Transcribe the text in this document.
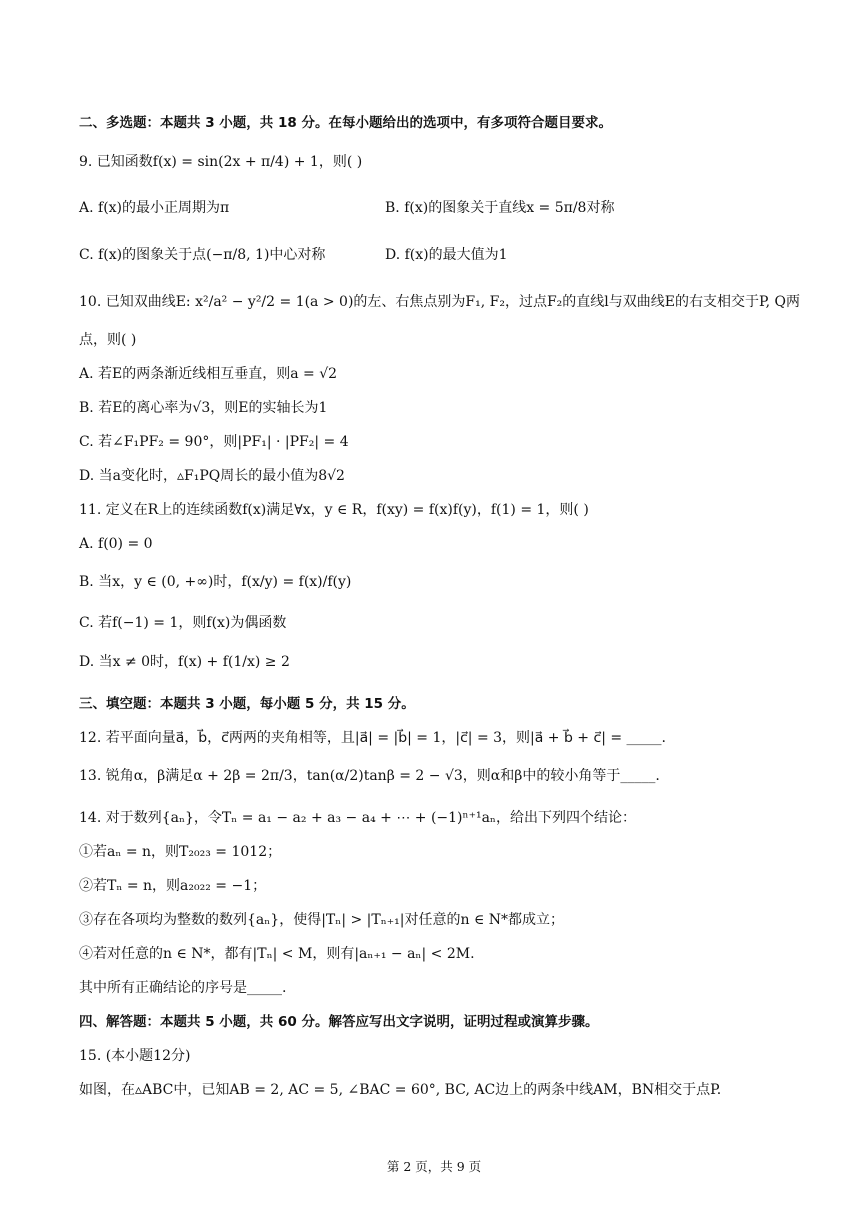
二、多选题：本题共 3 小题，共 18 分。在每小题给出的选项中，有多项符合题目要求。
9. 已知函数f(x) = sin(2x + π/4) + 1，则( )
A. f(x)的最小正周期为π	B. f(x)的图象关于直线x = 5π/8对称
C. f(x)的图象关于点(−π/8, 1)中心对称	D. f(x)的最大值为1
10. 已知双曲线E: x²/a² − y²/2 = 1(a > 0)的左、右焦点别为F₁, F₂，过点F₂的直线l与双曲线E的右支相交于P, Q两
点，则( )
A. 若E的两条渐近线相互垂直，则a = √2
B. 若E的离心率为√3，则E的实轴长为1
C. 若∠F₁PF₂ = 90°，则|PF₁| · |PF₂| = 4
D. 当a变化时，▵F₁PQ周长的最小值为8√2
11. 定义在R上的连续函数f(x)满足∀x，y ∈ R，f(xy) = f(x)f(y)，f(1) = 1，则( )
A. f(0) = 0
B. 当x，y ∈ (0, +∞)时，f(x/y) = f(x)/f(y)
C. 若f(−1) = 1，则f(x)为偶函数
D. 当x ≠ 0时，f(x) + f(1/x) ≥ 2
三、填空题：本题共 3 小题，每小题 5 分，共 15 分。
12. 若平面向量a⃗，b⃗，c⃗两两的夹角相等，且|a⃗| = |b⃗| = 1，|c⃗| = 3，则|a⃗ + b⃗ + c⃗| = _____.
13. 锐角α，β满足α + 2β = 2π/3，tan(α/2)tanβ = 2 − √3，则α和β中的较小角等于_____.
14. 对于数列{aₙ}，令Tₙ = a₁ − a₂ + a₃ − a₄ + ⋯ + (−1)ⁿ⁺¹aₙ，给出下列四个结论：
①若aₙ = n，则T₂₀₂₃ = 1012；
②若Tₙ = n，则a₂₀₂₂ = −1；
③存在各项均为整数的数列{aₙ}，使得|Tₙ| > |Tₙ₊₁|对任意的n ∈ N*都成立；
④若对任意的n ∈ N*，都有|Tₙ| < M，则有|aₙ₊₁ − aₙ| < 2M.
其中所有正确结论的序号是_____.
四、解答题：本题共 5 小题，共 60 分。解答应写出文字说明，证明过程或演算步骤。
15. (本小题12分)
如图，在▵ABC中，已知AB = 2, AC = 5, ∠BAC = 60°, BC, AC边上的两条中线AM，BN相交于点P.
第 2 页，共 9 页
